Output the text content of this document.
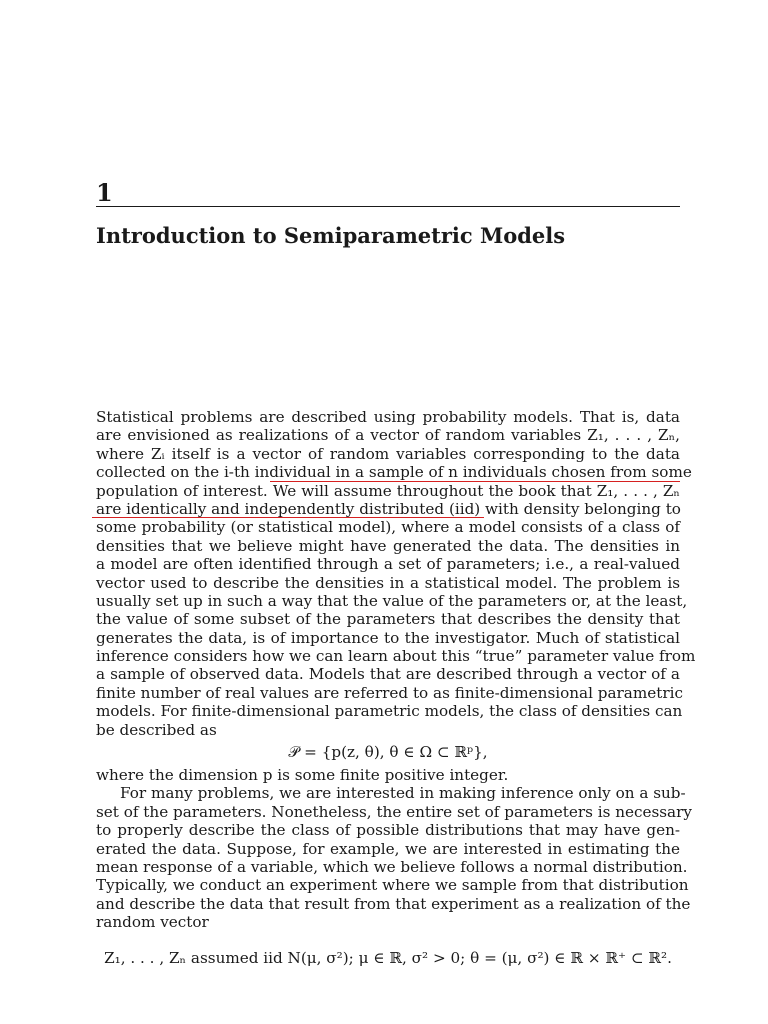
1
Introduction to Semiparametric Models
Statistical problems are described using probability models. That is, data
are envisioned as realizations of a vector of random variables Z₁, . . . , Zₙ,
where Zᵢ itself is a vector of random variables corresponding to the data
collected on the i-th individual in a sample of n individuals chosen from some
population of interest. We will assume throughout the book that Z₁, . . . , Zₙ
are identically and independently distributed (iid) with density belonging to
some probability (or statistical model), where a model consists of a class of
densities that we believe might have generated the data. The densities in
a model are often identified through a set of parameters; i.e., a real-valued
vector used to describe the densities in a statistical model. The problem is
usually set up in such a way that the value of the parameters or, at the least,
the value of some subset of the parameters that describes the density that
generates the data, is of importance to the investigator. Much of statistical
inference considers how we can learn about this “true” parameter value from
a sample of observed data. Models that are described through a vector of a
finite number of real values are referred to as finite-dimensional parametric
models. For finite-dimensional parametric models, the class of densities can
be described as
𝒫 = {p(z, θ), θ ∈ Ω ⊂ ℝᵖ},
where the dimension p is some finite positive integer.
For many problems, we are interested in making inference only on a sub-
set of the parameters. Nonetheless, the entire set of parameters is necessary
to properly describe the class of possible distributions that may have gen-
erated the data. Suppose, for example, we are interested in estimating the
mean response of a variable, which we believe follows a normal distribution.
Typically, we conduct an experiment where we sample from that distribution
and describe the data that result from that experiment as a realization of the
random vector
Z₁, . . . , Zₙ assumed iid N(μ, σ²); μ ∈ ℝ, σ² > 0; θ = (μ, σ²) ∈ ℝ × ℝ⁺ ⊂ ℝ².
